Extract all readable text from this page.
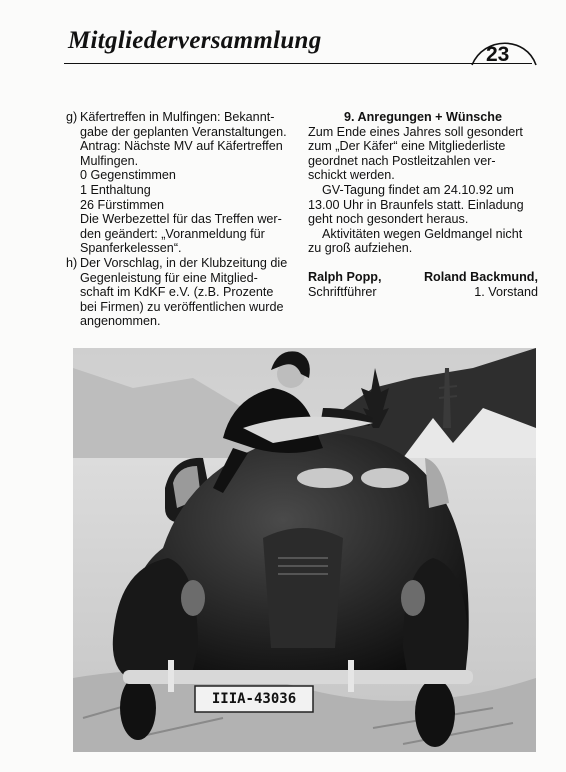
Mitgliederversammlung
23
g) Käfertreffen in Mulfingen: Bekannt-
gabe der geplanten Veranstaltungen.
Antrag: Nächste MV auf Käfertreffen
Mulfingen.
0 Gegenstimmen
1 Enthaltung
26 Fürstimmen
Die Werbezettel für das Treffen wer-
den geändert: „Voranmeldung für
Spanferkelessen“.
h) Der Vorschlag, in der Klubzeitung die
Gegenleistung für eine Mitglied-
schaft im KdKF e.V. (z.B. Prozente
bei Firmen) zu veröffentlichen wurde
angenommen.
9. Anregungen + Wünsche
Zum Ende eines Jahres soll gesondert
zum „Der Käfer“ eine Mitgliederliste
geordnet nach Postleitzahlen ver-
schickt werden.
GV-Tagung findet am 24.10.92 um
13.00 Uhr in Braunfels statt. Einladung
geht noch gesondert heraus.
Aktivitäten wegen Geldmangel nicht
zu groß aufziehen.
Ralph Popp,
Schriftführer
Roland Backmund,
1. Vorstand
IIIA-43036
